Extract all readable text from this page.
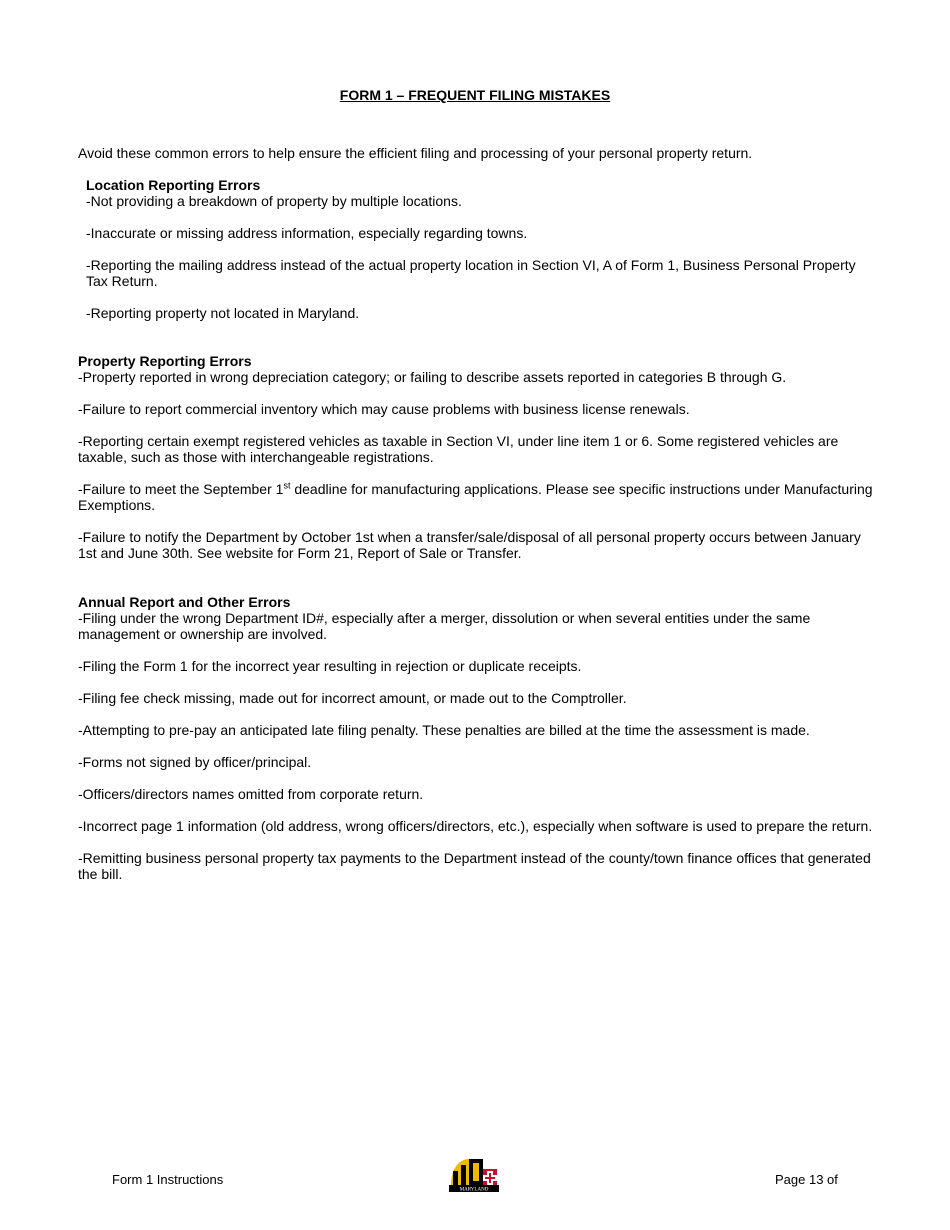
FORM 1 – FREQUENT FILING MISTAKES

Avoid these common errors to help ensure the efficient filing and processing of your personal property return.

Location Reporting Errors

-Not providing a breakdown of property by multiple locations.

-Inaccurate or missing address information, especially regarding towns.

-Reporting the mailing address instead of the actual property location in Section VI, A of Form 1, Business Personal Property Tax Return.

-Reporting property not located in Maryland.

Property Reporting Errors

-Property reported in wrong depreciation category; or failing to describe assets reported in categories B through G.

-Failure to report commercial inventory which may cause problems with business license renewals.

-Reporting certain exempt registered vehicles as taxable in Section VI, under line item 1 or 6. Some registered vehicles are taxable, such as those with interchangeable registrations.

-Failure to meet the September 1st deadline for manufacturing applications. Please see specific instructions under Manufacturing Exemptions.

-Failure to notify the Department by October 1st when a transfer/sale/disposal of all personal property occurs between January 1st and June 30th. See website for Form 21, Report of Sale or Transfer.

Annual Report and Other Errors

-Filing under the wrong Department ID#, especially after a merger, dissolution or when several entities under the same management or ownership are involved.

-Filing the Form 1 for the incorrect year resulting in rejection or duplicate receipts.

-Filing fee check missing, made out for incorrect amount, or made out to the Comptroller.

-Attempting to pre-pay an anticipated late filing penalty. These penalties are billed at the time the assessment is made.

-Forms not signed by officer/principal.

-Officers/directors names omitted from corporate return.

-Incorrect page 1 information (old address, wrong officers/directors, etc.), especially when software is used to prepare the return.

-Remitting business personal property tax payments to the Department instead of the county/town finance offices that generated the bill.

Form 1 Instructions
MARYLAND
Page 13 of
